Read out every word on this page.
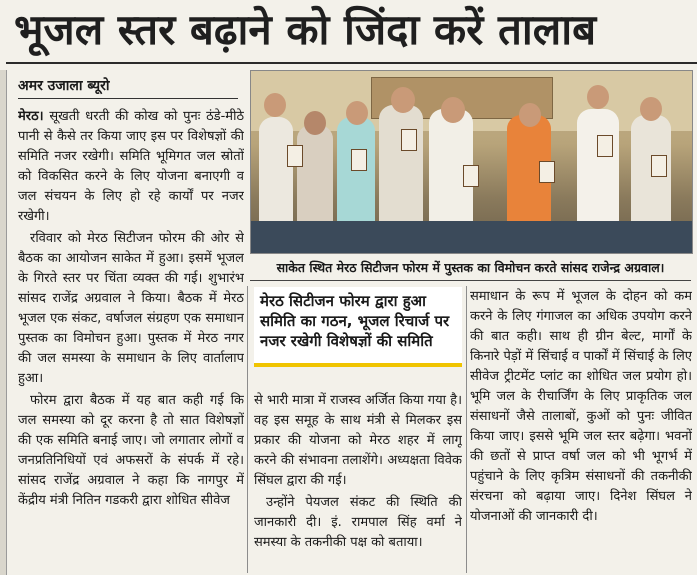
भूजल स्तर बढ़ाने को जिंदा करें तालाब
अमर उजाला ब्यूरो

मेरठ। सूखती धरती की कोख को पुनः ठंडे-मीठे पानी से कैसे तर किया जाए इस पर विशेषज्ञों की समिति नजर रखेगी। समिति भूमिगत जल स्रोतों को विकसित करने के लिए योजना बनाएगी व जल संचयन के लिए हो रहे कार्यों पर नजर रखेगी।

रविवार को मेरठ सिटीजन फोरम की ओर से बैठक का आयोजन साकेत में हुआ। इसमें भूजल के गिरते स्तर पर चिंता व्यक्त की गई। शुभारंभ सांसद राजेंद्र अग्रवाल ने किया। बैठक में मेरठ भूजल एक संकट, वर्षाजल संग्रहण एक समाधान पुस्तक का विमोचन हुआ। पुस्तक में मेरठ नगर की जल समस्या के समाधान के लिए वार्तालाप हुआ।

फोरम द्वारा बैठक में यह बात कही गई कि जल समस्या को दूर करना है तो सात विशेषज्ञों की एक समिति बनाई जाए। जो लगातार लोगों व जनप्रतिनिधियों एवं अफसरों के संपर्क में रहे। सांसद राजेंद्र अग्रवाल ने कहा कि नागपुर में केंद्रीय मंत्री नितिन गडकरी द्वारा शोधित सीवेज

साकेत स्थित मेरठ सिटीजन फोरम में पुस्तक का विमोचन करते सांसद राजेन्द्र अग्रवाल।
मेरठ सिटीजन फोरम द्वारा हुआ समिति का गठन, भूजल रिचार्ज पर नजर रखेगी विशेषज्ञों की समिति

से भारी मात्रा में राजस्व अर्जित किया गया है। वह इस समूह के साथ मंत्री से मिलकर इस प्रकार की योजना को मेरठ शहर में लागू करने की संभावना तलाशेंगे। अध्यक्षता विवेक सिंघल द्वारा की गई।

उन्होंने पेयजल संकट की स्थिति की जानकारी दी। इं. रामपाल सिंह वर्मा ने समस्या के तकनीकी पक्ष को बताया।

समाधान के रूप में भूजल के दोहन को कम करने के लिए गंगाजल का अधिक उपयोग करने की बात कही। साथ ही ग्रीन बेल्ट, मार्गों के किनारे पेड़ों में सिंचाई व पार्कों में सिंचाई के लिए सीवेज ट्रीटमेंट प्लांट का शोधित जल प्रयोग हो। भूमि जल के रीचार्जिंग के लिए प्राकृतिक जल संसाधनों जैसे तालाबों, कुओं को पुनः जीवित किया जाए। इससे भूमि जल स्तर बढ़ेगा। भवनों की छतों से प्राप्त वर्षा जल को भी भूगर्भ में पहुंचाने के लिए कृत्रिम संसाधनों की तकनीकी संरचना को बढ़ाया जाए। दिनेश सिंघल ने योजनाओं की जानकारी दी।
